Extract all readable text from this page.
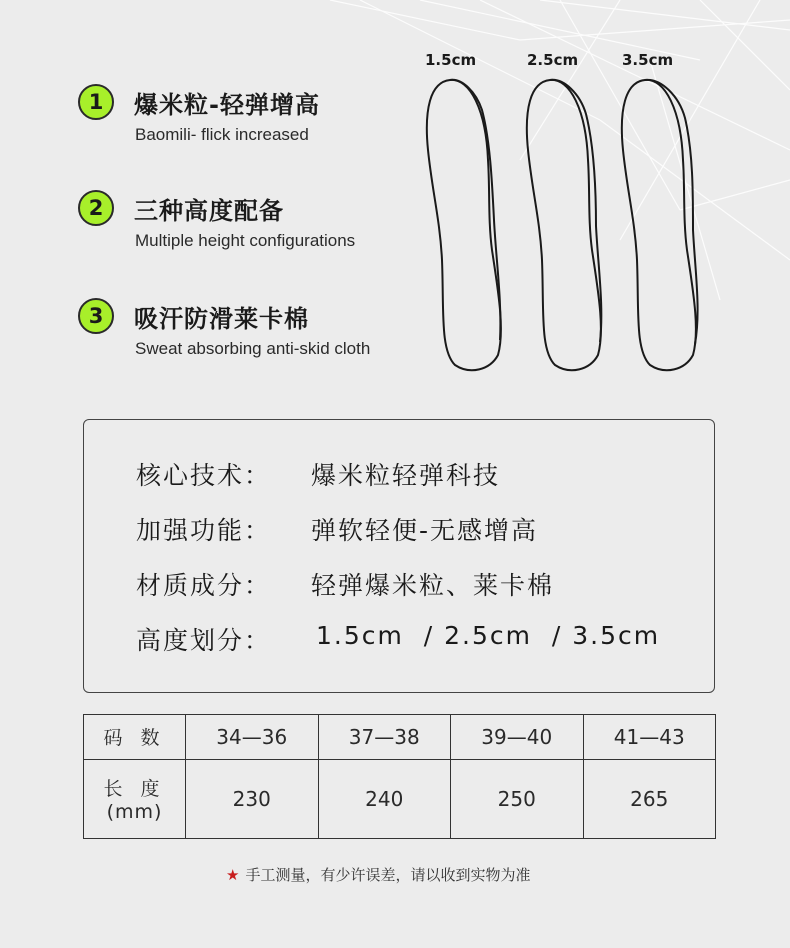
1	爆米粒-轻弹增高
Baomili- flick increased
2	三种高度配备
Multiple height configurations
3	吸汗防滑莱卡棉
Sweat absorbing anti-skid cloth
1.5cm	2.5cm	3.5cm
核心技术： 爆米粒轻弹科技
加强功能： 弹软轻便-无感增高
材质成分： 轻弹爆米粒、莱卡棉
高度划分： 1.5cm  / 2.5cm  / 3.5cm
码 数	34—36	37—38	39—40	41—43

长 度
(mm)	230	240	250	265
★ 手工测量，有少许误差，请以收到实物为准
